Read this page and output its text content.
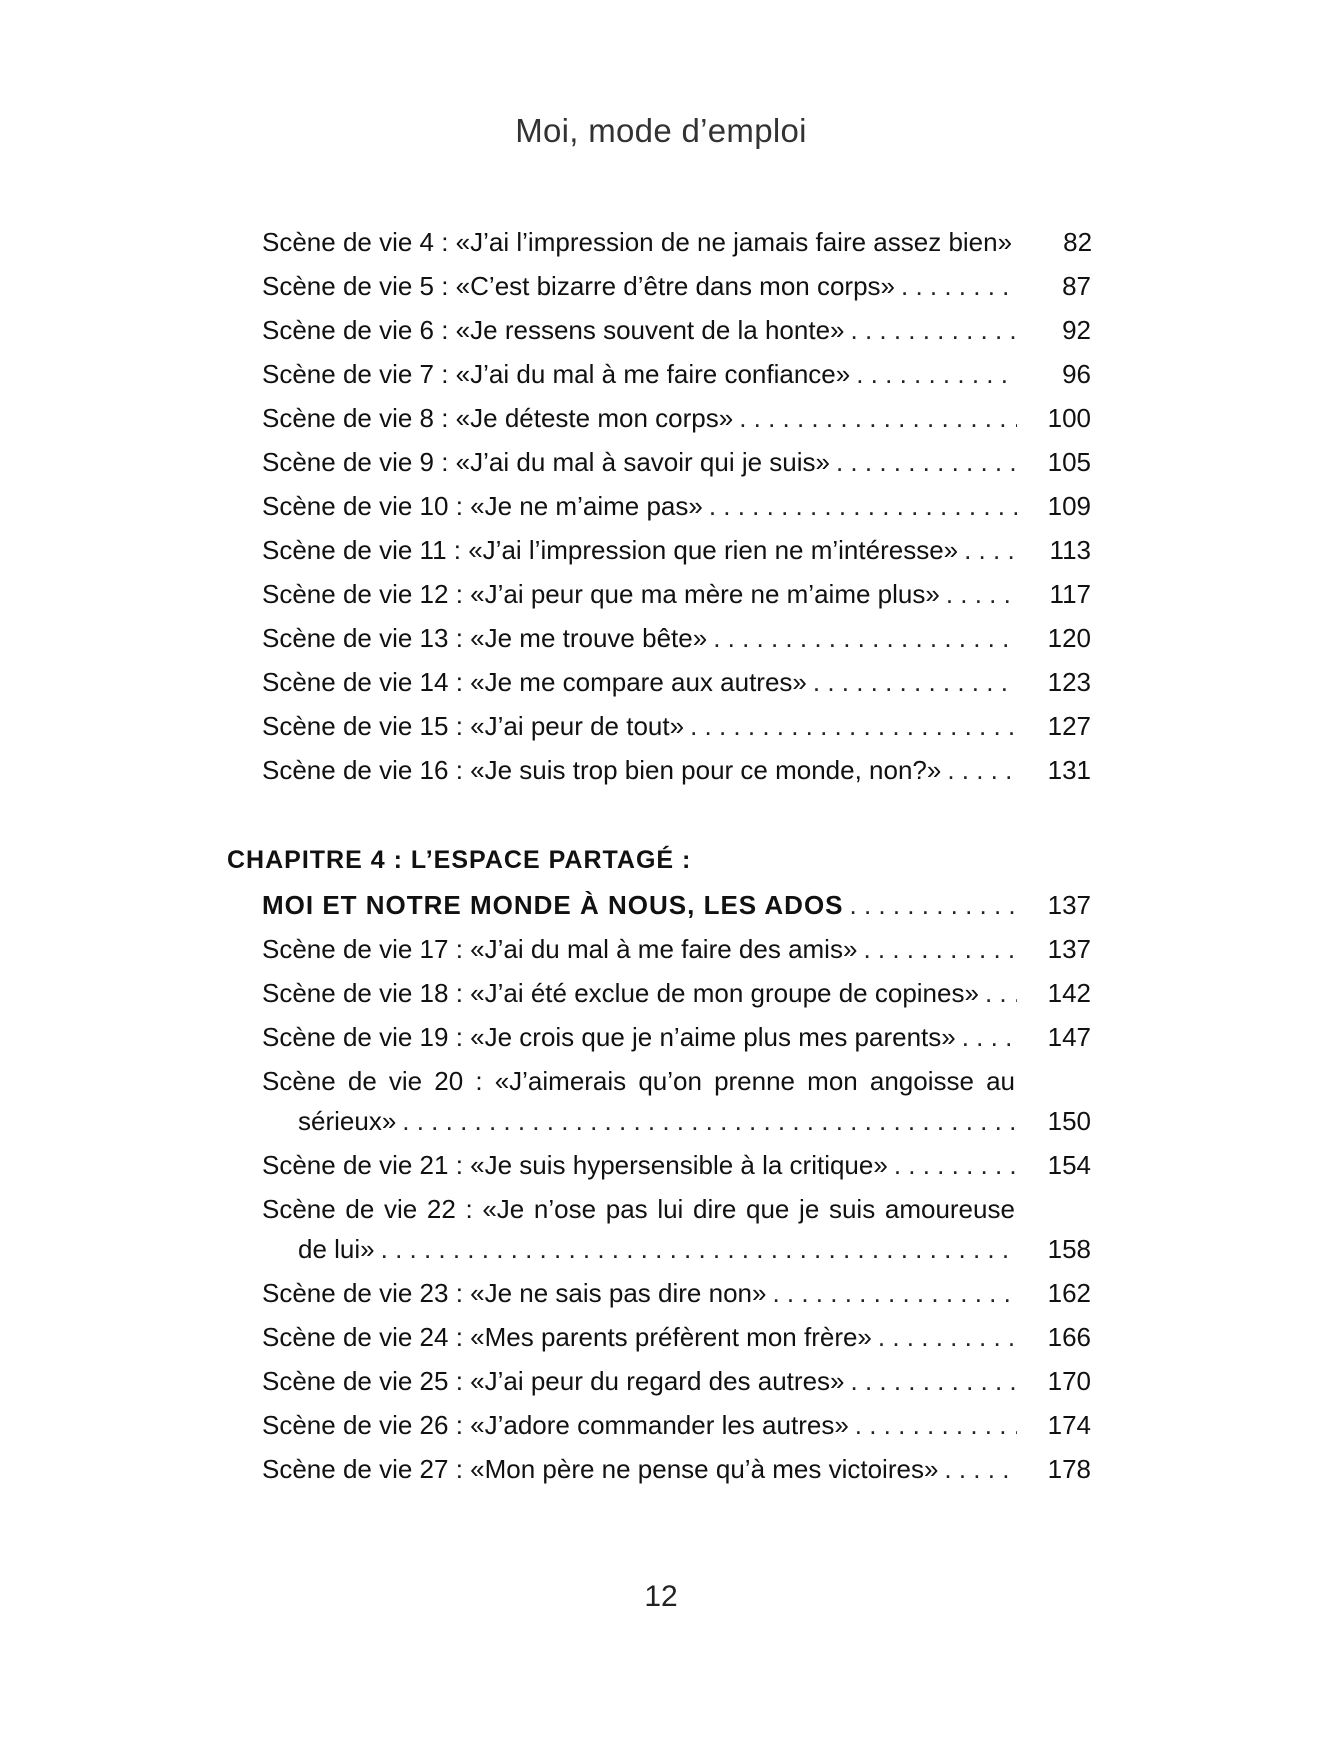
Moi, mode d’emploi
Scène de vie 4 : «J’ai l’impression de ne jamais faire assez bien»	82
Scène de vie 5 : «C’est bizarre d’être dans mon corps» . . .	87
Scène de vie 6 : «Je ressens souvent de la honte» . . .	92
Scène de vie 7 : «J’ai du mal à me faire confiance» . . .	96
Scène de vie 8 : «Je déteste mon corps» . . .	100
Scène de vie 9 : «J’ai du mal à savoir qui je suis» . . .	105
Scène de vie 10 : «Je ne m’aime pas» . . .	109
Scène de vie 11 : «J’ai l’impression que rien ne m’intéresse» . . .	113
Scène de vie 12 : «J’ai peur que ma mère ne m’aime plus» . . .	117
Scène de vie 13 : «Je me trouve bête» . . .	120
Scène de vie 14 : «Je me compare aux autres» . . .	123
Scène de vie 15 : «J’ai peur de tout» . . .	127
Scène de vie 16 : «Je suis trop bien pour ce monde, non?» . . .	131
CHAPITRE 4 : L’ESPACE PARTAGÉ :
MOI ET NOTRE MONDE À NOUS, LES ADOS . . .	137
Scène de vie 17 : «J’ai du mal à me faire des amis» . . .	137
Scène de vie 18 : «J’ai été exclue de mon groupe de copines» . . .	142
Scène de vie 19 : «Je crois que je n’aime plus mes parents» . . .	147
Scène de vie 20 : «J’aimerais qu’on prenne mon angoisse au
sérieux» . . .	150
Scène de vie 21 : «Je suis hypersensible à la critique» . . .	154
Scène de vie 22 : «Je n’ose pas lui dire que je suis amoureuse
de lui» . . .	158
Scène de vie 23 : «Je ne sais pas dire non» . . .	162
Scène de vie 24 : «Mes parents préfèrent mon frère» . . .	166
Scène de vie 25 : «J’ai peur du regard des autres» . . .	170
Scène de vie 26 : «J’adore commander les autres» . . .	174
Scène de vie 27 : «Mon père ne pense qu’à mes victoires» . . .	178
12
